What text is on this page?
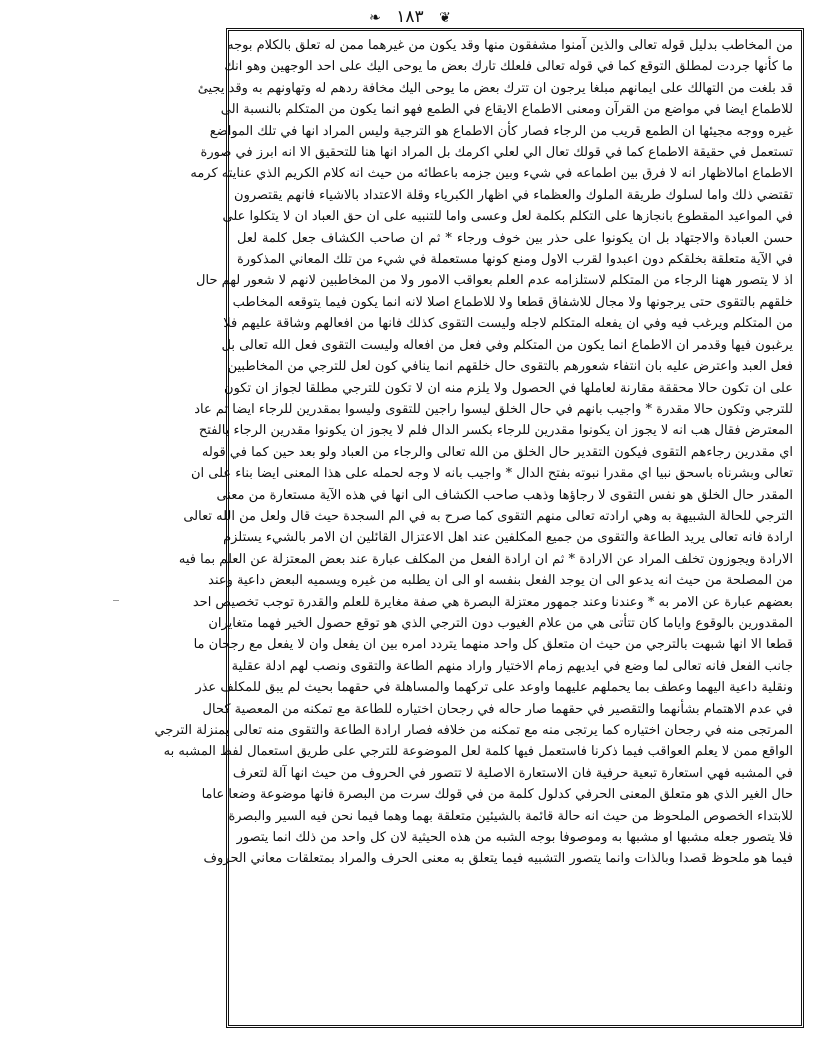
❧ ١٨٣ ❦
من المخاطب بدليل قوله تعالى والذين آمنوا مشفقون منها وقد يكون من غيرهما ممن له تعلق بالكلام بوجه
ما كأنها جردت لمطلق التوقع كما في قوله تعالى فلعلك تارك بعض ما يوحى اليك على احد الوجهين وهو انك
قد بلغت من التهالك على ايمانهم مبلغا يرجون ان تترك بعض ما يوحى اليك مخافة ردهم له وتهاونهم به وقد يجيئ
للاطماع ايضا في مواضع من القرآن ومعنى الاطماع الايقاع في الطمع فهو انما يكون من المتكلم بالنسبة الى
غيره ووجه مجيئها ان الطمع قريب من الرجاء فصار كأن الاطماع هو الترجية وليس المراد انها في تلك المواضع
تستعمل في حقيقة الاطماع كما في قولك تعال الي لعلي اكرمك بل المراد انها هنا للتحقيق الا انه ابرز في صورة
الاطماع امالاظهار انه لا فرق بين اطماعه في شيء وبين جزمه باعطائه من حيث انه كلام الكريم الذي عنايته كرمه
تقتضي ذلك واما لسلوك طريقة الملوك والعظماء في اظهار الكبرياء وقلة الاعتداد بالاشياء فانهم يقتصرون
في المواعيد المقطوع بانجازها على التكلم بكلمة لعل وعسى واما للتنبيه على ان حق العباد ان لا يتكلوا على
حسن العبادة والاجتهاد بل ان يكونوا على حذر بين خوف ورجاء * ثم ان صاحب الكشاف جعل كلمة لعل
في الآية متعلقة بخلقكم دون اعبدوا لقرب الاول ومنع كونها مستعملة في شيء من تلك المعاني المذكورة
اذ لا يتصور ههنا الرجاء من المتكلم لاستلزامه عدم العلم بعواقب الامور ولا من المخاطبين لانهم لا شعور لهم حال
خلقهم بالتقوى حتى يرجونها ولا مجال للاشفاق قطعا ولا للاطماع اصلا لانه انما يكون فيما يتوقعه المخاطب
من المتكلم ويرغب فيه وفي ان يفعله المتكلم لاجله وليست التقوى كذلك فانها من افعالهم وشاقة عليهم فلا
يرغبون فيها وقدمر ان الاطماع انما يكون من المتكلم وفي فعل من افعاله وليست التقوى فعل الله تعالى بل
فعل العبد واعترض عليه بان انتفاء شعورهم بالتقوى حال خلقهم انما ينافي كون لعل للترجي من المخاطبين
على ان تكون حالا محققة مقارنة لعاملها في الحصول ولا يلزم منه ان لا تكون للترجي مطلقا لجواز ان تكون
للترجي وتكون حالا مقدرة * واجيب بانهم في حال الخلق ليسوا راجين للتقوى وليسوا بمقدرين للرجاء ايضا ثم عاد
المعترض فقال هب انه لا يجوز ان يكونوا مقدرين للرجاء بكسر الدال فلم لا يجوز ان يكونوا مقدرين الرجاء بالفتح
اي مقدرين رجاءهم التقوى فيكون التقدير حال الخلق من الله تعالى والرجاء من العباد ولو بعد حين كما في قوله
تعالى وبشرناه باسحق نبيا اي مقدرا نبوته بفتح الدال * واجيب بانه لا وجه لحمله على هذا المعنى ايضا بناء على ان
المقدر حال الخلق هو نفس التقوى لا رجاؤها وذهب صاحب الكشاف الى انها في هذه الآية مستعارة من معنى
الترجي للحالة الشبيهة به وهي ارادته تعالى منهم التقوى كما صرح به في الم السجدة حيث قال ولعل من الله تعالى
ارادة فانه تعالى يريد الطاعة والتقوى من جميع المكلفين عند اهل الاعتزال القائلين ان الامر بالشيء يستلزم
الارادة ويجوزون تخلف المراد عن الارادة * ثم ان ارادة الفعل من المكلف عبارة عند بعض المعتزلة عن العلم بما فيه
من المصلحة من حيث انه يدعو الى ان يوجد الفعل بنفسه او الى ان يطلبه من غيره ويسميه البعض داعية وعند
بعضهم عبارة عن الامر به * وعندنا وعند جمهور معتزلة البصرة هي صفة مغايرة للعلم والقدرة توجب تخصيص احد
المقدورين بالوقوع واياما كان تتأتى هي من علام الغيوب دون الترجي الذي هو توقع حصول الخير فهما متغايران
قطعا الا انها شبهت بالترجي من حيث ان متعلق كل واحد منهما يتردد امره بين ان يفعل وان لا يفعل مع رجحان ما
جانب الفعل فانه تعالى لما وضع في ايديهم زمام الاختيار واراد منهم الطاعة والتقوى ونصب لهم ادلة عقلية
ونقلية داعية اليهما وعطف بما يحملهم عليهما واوعد على تركهما والمساهلة في حقهما بحيث لم يبق للمكلف عذر
في عدم الاهتمام بشأنهما والتقصير في حقهما صار حاله في رجحان اختياره للطاعة مع تمكنه من المعصية كحال
المرتجى منه في رجحان اختياره كما يرتجى منه مع تمكنه من خلافه فصار ارادة الطاعة والتقوى منه تعالى بمنزلة الترجي
الواقع ممن لا يعلم العواقب فيما ذكرنا فاستعمل فيها كلمة لعل الموضوعة للترجي على طريق استعمال لفظ المشبه به
في المشبه فهي استعارة تبعية حرفية فان الاستعارة الاصلية لا تتصور في الحروف من حيث انها آلة لتعرف
حال الغير الذي هو متعلق المعنى الحرفي كدلول كلمة من في قولك سرت من البصرة فانها موضوعة وضعا عاما
للابتداء الخصوص الملحوظ من حيث انه حالة قائمة بالشيئين متعلقة بهما وهما فيما نحن فيه السير والبصرة
فلا يتصور جعله مشبها او مشبها به وموصوفا بوجه الشبه من هذه الحيثية لان كل واحد من ذلك انما يتصور
فيما هو ملحوظ قصدا وبالذات وانما يتصور التشبيه فيما يتعلق به معنى الحرف والمراد بمتعلقات معاني الحروف
